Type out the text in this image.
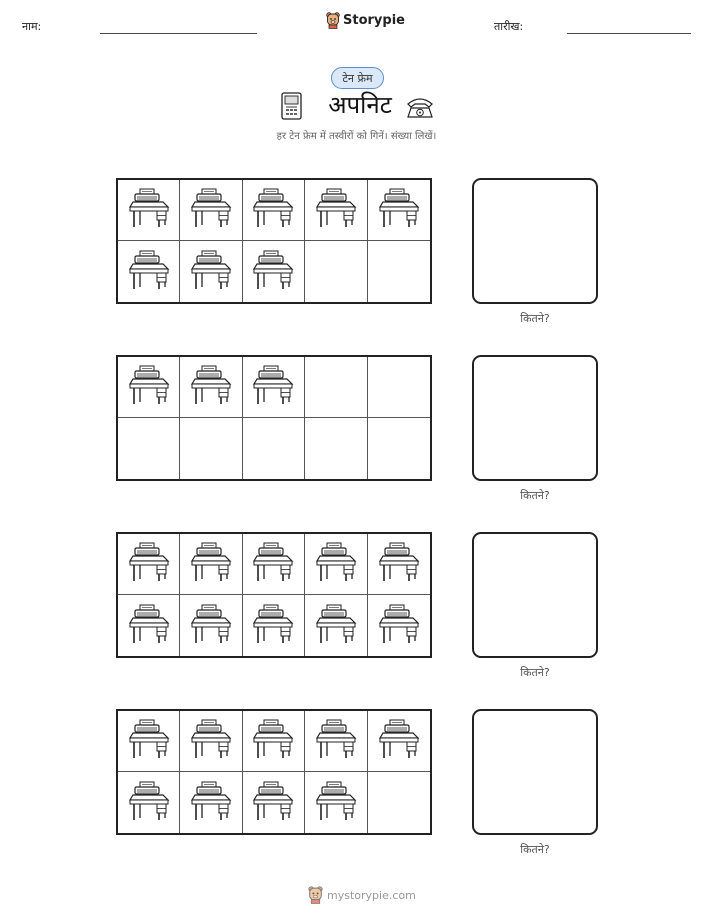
नाम:	Storypie	तारीख:
टेन फ्रेम
अपनिट
हर टेन फ्रेम में तस्वीरों को गिनें। संख्या लिखें।
कितने?
कितने?
कितने?
कितने?
mystorypie.com
